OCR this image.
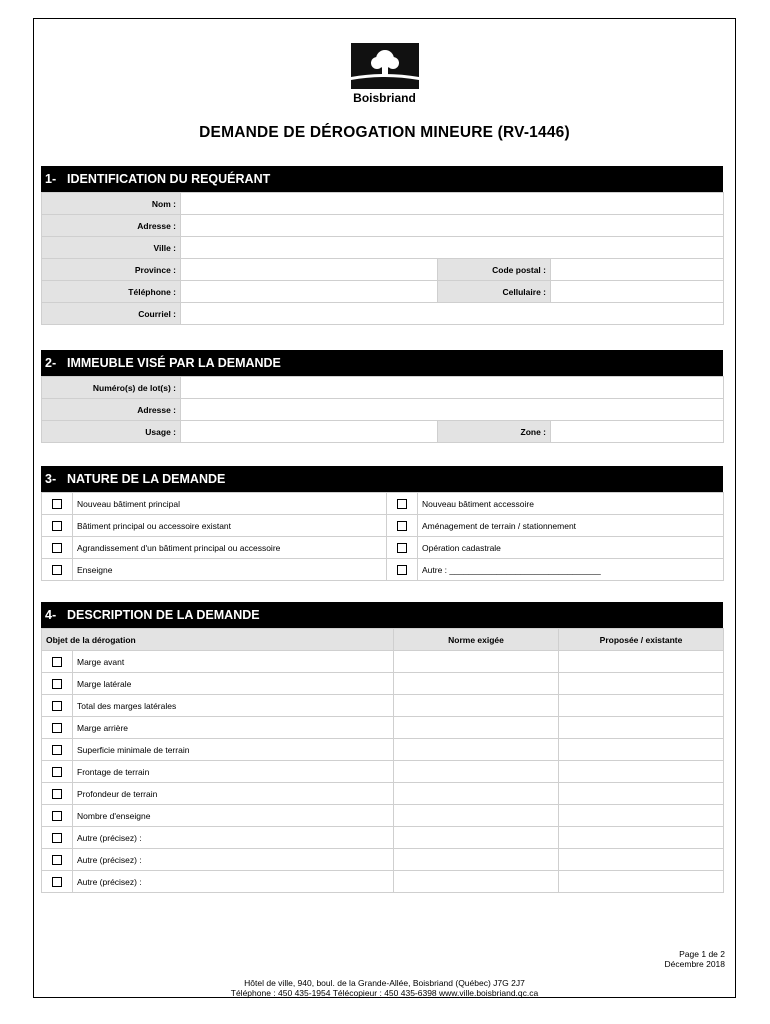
Boisbriand
DEMANDE DE DÉROGATION MINEURE (RV-1446)
1- IDENTIFICATION DU REQUÉRANT
Nom :			
Adresse :			
Ville :			
Province :		Code postal :	
Téléphone :		Cellulaire :	
Courriel :			
2- IMMEUBLE VISÉ PAR LA DEMANDE
Numéro(s) de lot(s) :			
Adresse :			
Usage :		Zone :	
3- NATURE DE LA DEMANDE
	Nouveau bâtiment principal		Nouveau bâtiment accessoire
	Bâtiment principal ou accessoire existant		Aménagement de terrain / stationnement
	Agrandissement d'un bâtiment principal ou accessoire		Opération cadastrale
	Enseigne		Autre : ________________________________
4- DESCRIPTION DE LA DEMANDE
Objet de la dérogation		Norme exigée	Proposée / existante
	Marge avant		
	Marge latérale		
	Total des marges latérales		
	Marge arrière		
	Superficie minimale de terrain		
	Frontage de terrain		
	Profondeur de terrain		
	Nombre d'enseigne		
	Autre (précisez) :		
	Autre (précisez) :		
	Autre (précisez) :		
Page 1 de 2
Décembre 2018
Hôtel de ville, 940, boul. de la Grande-Allée, Boisbriand (Québec) J7G 2J7
Téléphone : 450 435-1954 Télécopieur : 450 435-6398 www.ville.boisbriand.qc.ca
